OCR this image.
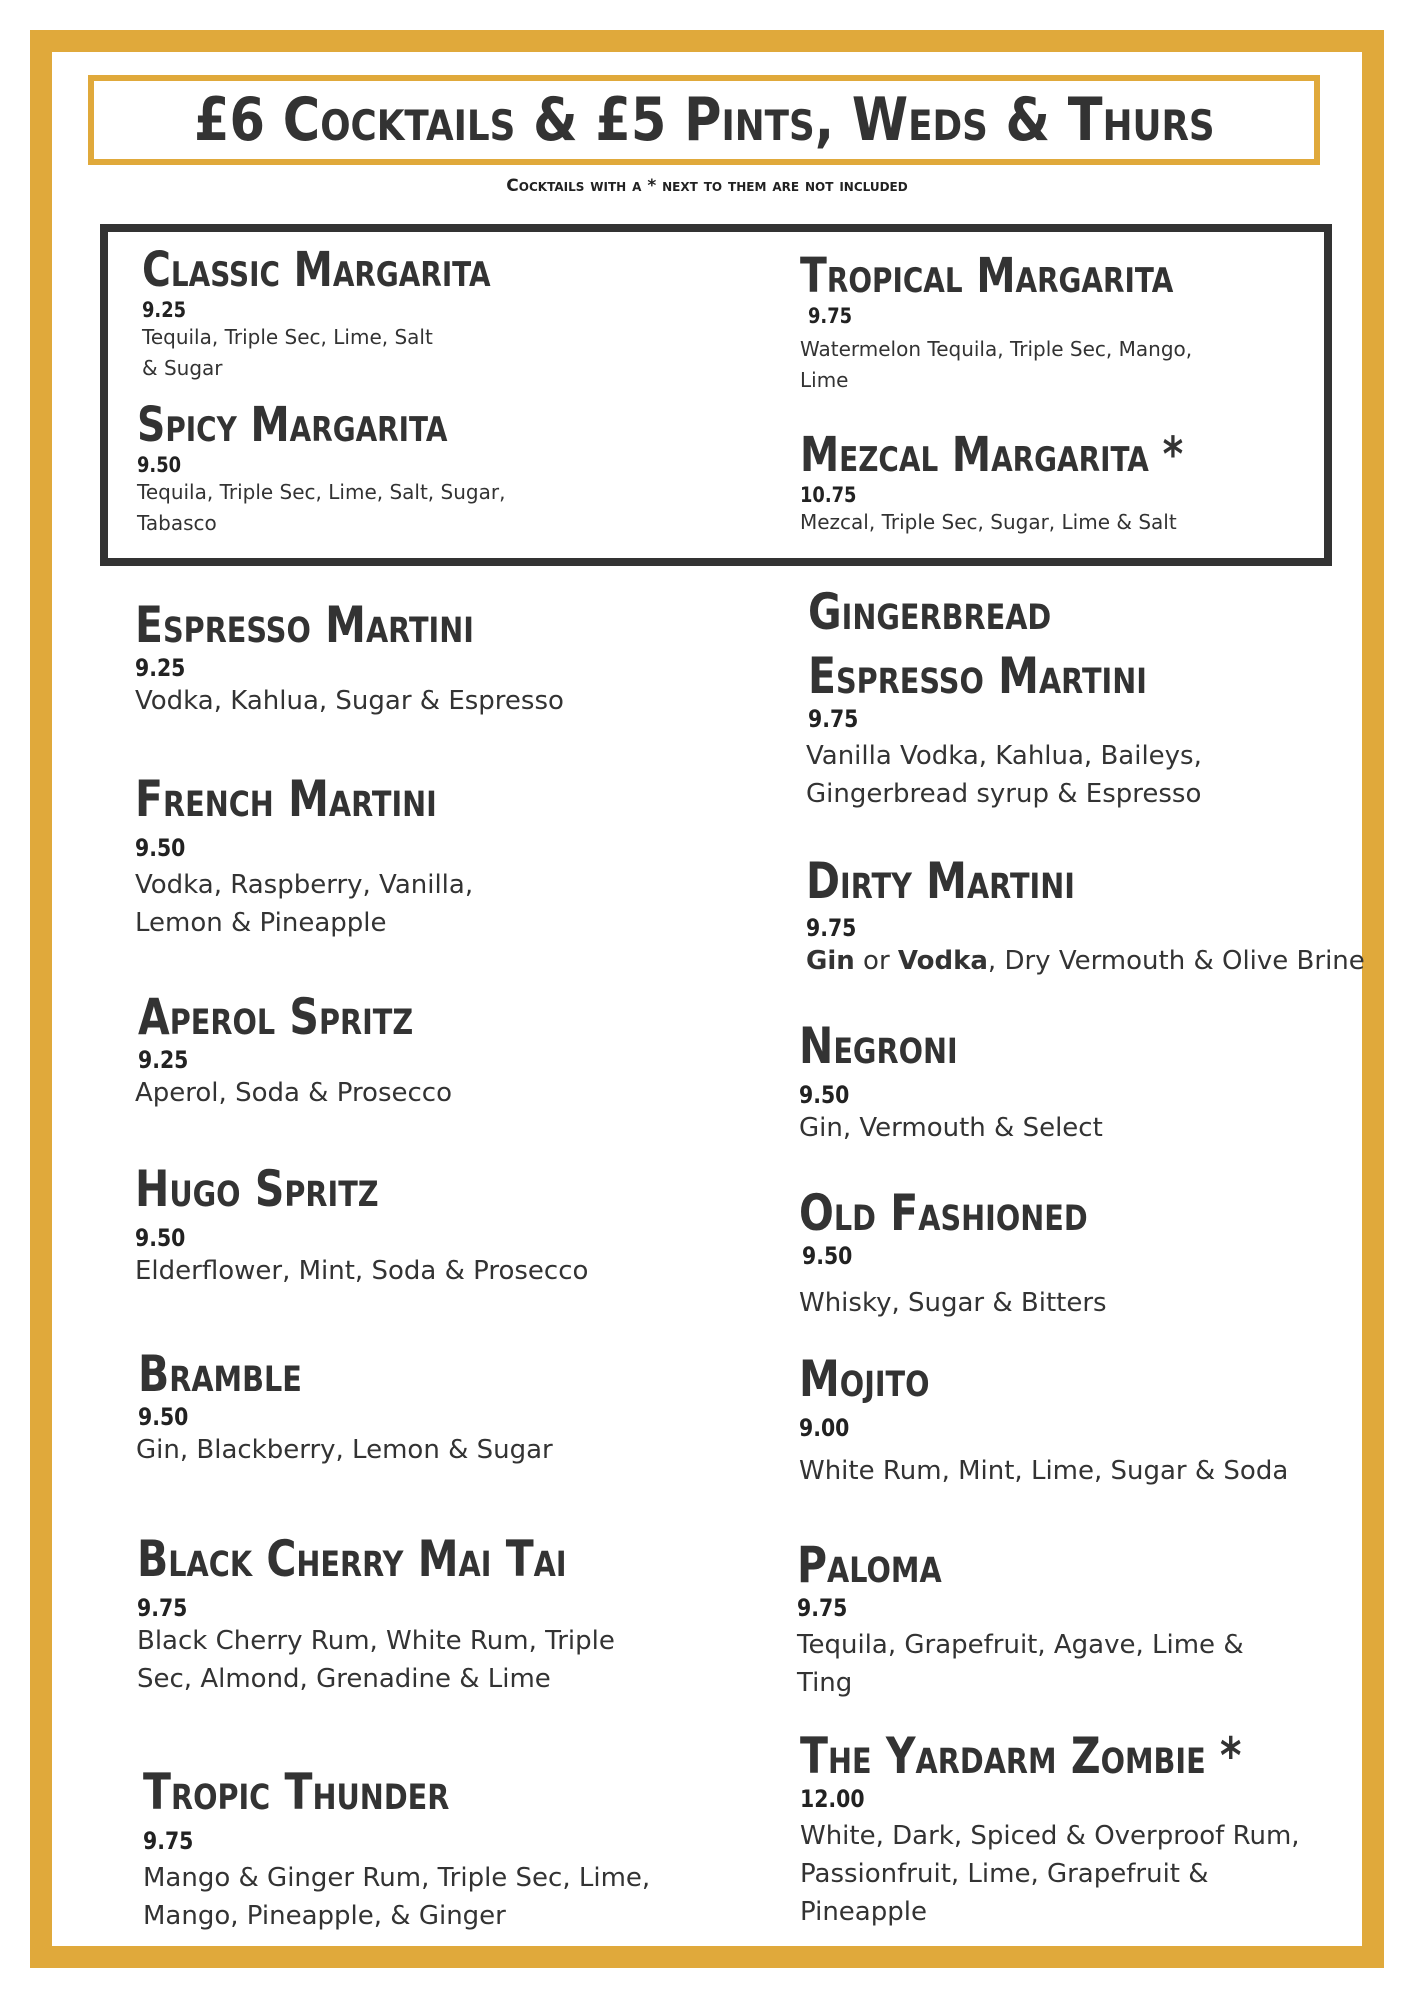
£6 Cocktails & £5 Pints, Weds & Thurs
Cocktails with a * next to them are not included
Classic Margarita
9.25
Tequila, Triple Sec, Lime, Salt
& Sugar
Spicy Margarita
9.50
Tequila, Triple Sec, Lime, Salt, Sugar,
Tabasco
Tropical Margarita
9.75
Watermelon Tequila, Triple Sec, Mango,
Lime
Mezcal Margarita *
10.75
Mezcal, Triple Sec, Sugar, Lime & Salt
Espresso Martini
9.25
Vodka, Kahlua, Sugar & Espresso
French Martini
9.50
Vodka, Raspberry, Vanilla,
Lemon & Pineapple
Aperol Spritz
9.25
Aperol, Soda & Prosecco
Hugo Spritz
9.50
Elderflower, Mint, Soda & Prosecco
Bramble
9.50
Gin, Blackberry, Lemon & Sugar
Black Cherry Mai Tai
9.75
Black Cherry Rum, White Rum, Triple
Sec, Almond, Grenadine & Lime
Tropic Thunder
9.75
Mango & Ginger Rum, Triple Sec, Lime,
Mango, Pineapple, & Ginger
Gingerbread
Espresso Martini
9.75
Vanilla Vodka, Kahlua, Baileys,
Gingerbread syrup & Espresso
Dirty Martini
9.75
Gin or Vodka, Dry Vermouth & Olive Brine
Negroni
9.50
Gin, Vermouth & Select
Old Fashioned
9.50
Whisky, Sugar & Bitters
Mojito
9.00
White Rum, Mint, Lime, Sugar & Soda
Paloma
9.75
Tequila, Grapefruit, Agave, Lime &
Ting
The Yardarm Zombie *
12.00
White, Dark, Spiced & Overproof Rum,
Passionfruit, Lime, Grapefruit &
Pineapple
